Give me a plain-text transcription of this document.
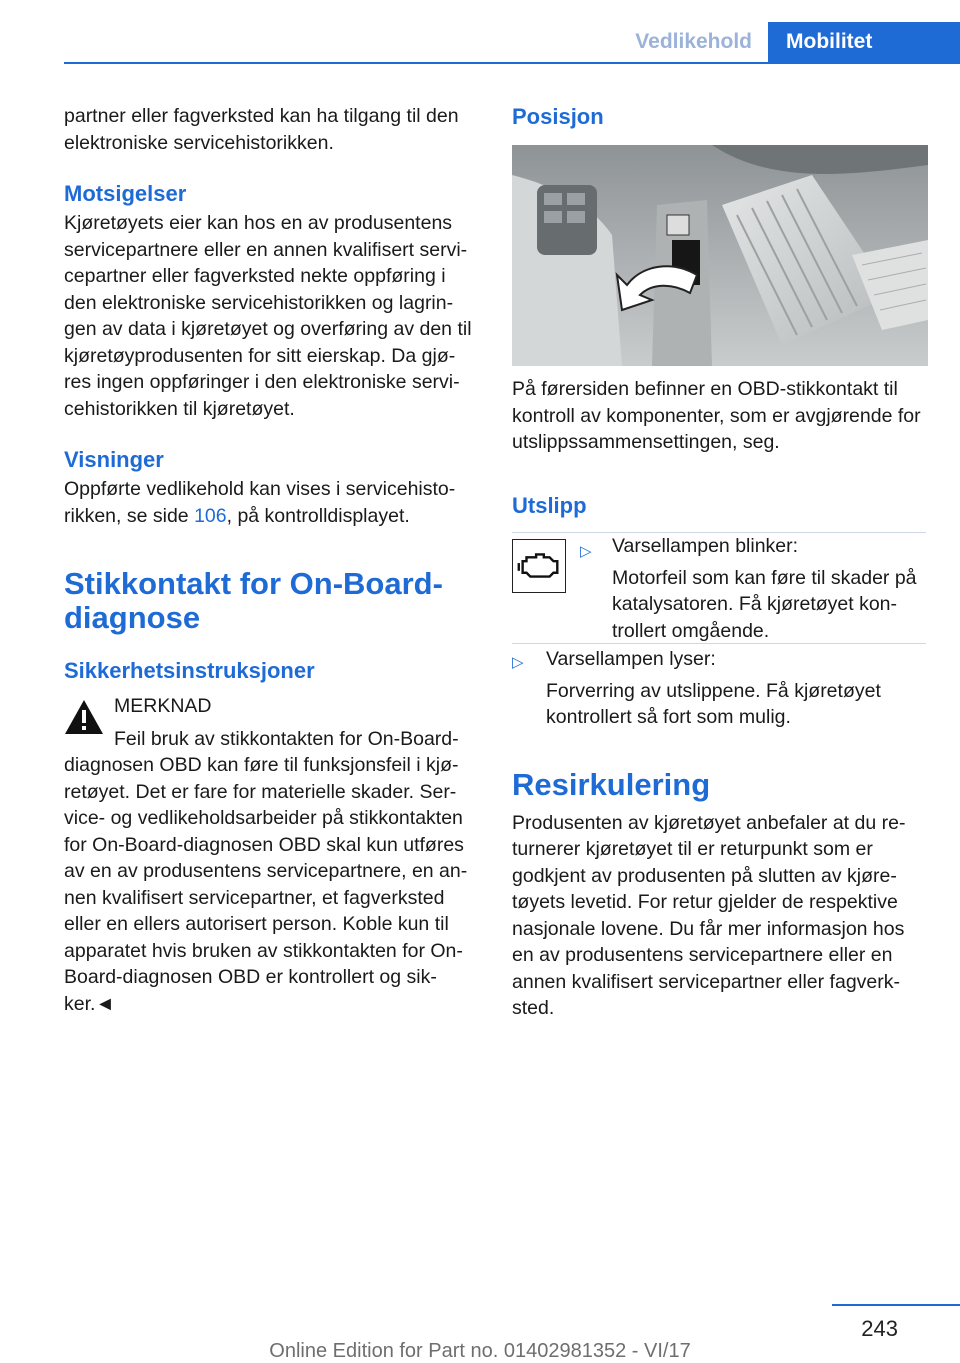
Vedlikehold	Mobilitet

partner eller fagverksted kan ha tilgang til den elektroniske servicehistorikken.

Motsigelser

Kjøretøyets eier kan hos en av produsentens servicepartnere eller en annen kvalifisert servi-cepartner eller fagverksted nekte oppføring i den elektroniske servicehistorikken og lagrin-gen av data i kjøretøyet og overføring av den til kjøretøyprodusenten for sitt eierskap. Da gjø-res ingen oppføringer i den elektroniske servi-cehistorikken til kjøretøyet.

Visninger

Oppførte vedlikehold kan vises i servicehisto-rikken, se side 106, på kontrolldisplayet.

Stikkontakt for On-Board-diagnose
Sikkerhetsinstruksjoner
MERKNAD

Feil bruk av stikkontakten for On-Board-diagnosen OBD kan føre til funksjonsfeil i kjø-retøyet. Det er fare for materielle skader. Ser-vice- og vedlikeholdsarbeider på stikkontakten for On-Board-diagnosen OBD skal kun utføres av en av produsentens servicepartnere, en an-nen kvalifisert servicepartner, et fagverksted eller en ellers autorisert person. Koble kun til apparatet hvis bruken av stikkontakten for On-Board-diagnosen OBD er kontrollert og sik-ker.◄

Posisjon

På førersiden befinner en OBD-stikkontakt til kontroll av komponenter, som er avgjørende for utslippssammensettingen, seg.

Utslipp
▷ Varsellampen blinker:
Motorfeil som kan føre til skader på katalysatoren. Få kjøretøyet kon-trollert omgående.
▷ Varsellampen lyser:
Forverring av utslippene. Få kjøretøyet kontrollert så fort som mulig.
Resirkulering

Produsenten av kjøretøyet anbefaler at du re-turnerer kjøretøyet til er returpunkt som er godkjent av produsenten på slutten av kjøre-tøyets levetid. For retur gjelder de respektive nasjonale lovene. Du får mer informasjon hos en av produsentens servicepartnere eller en annen kvalifisert servicepartner eller fagverk-sted.

243
Online Edition for Part no. 01402981352 - VI/17
